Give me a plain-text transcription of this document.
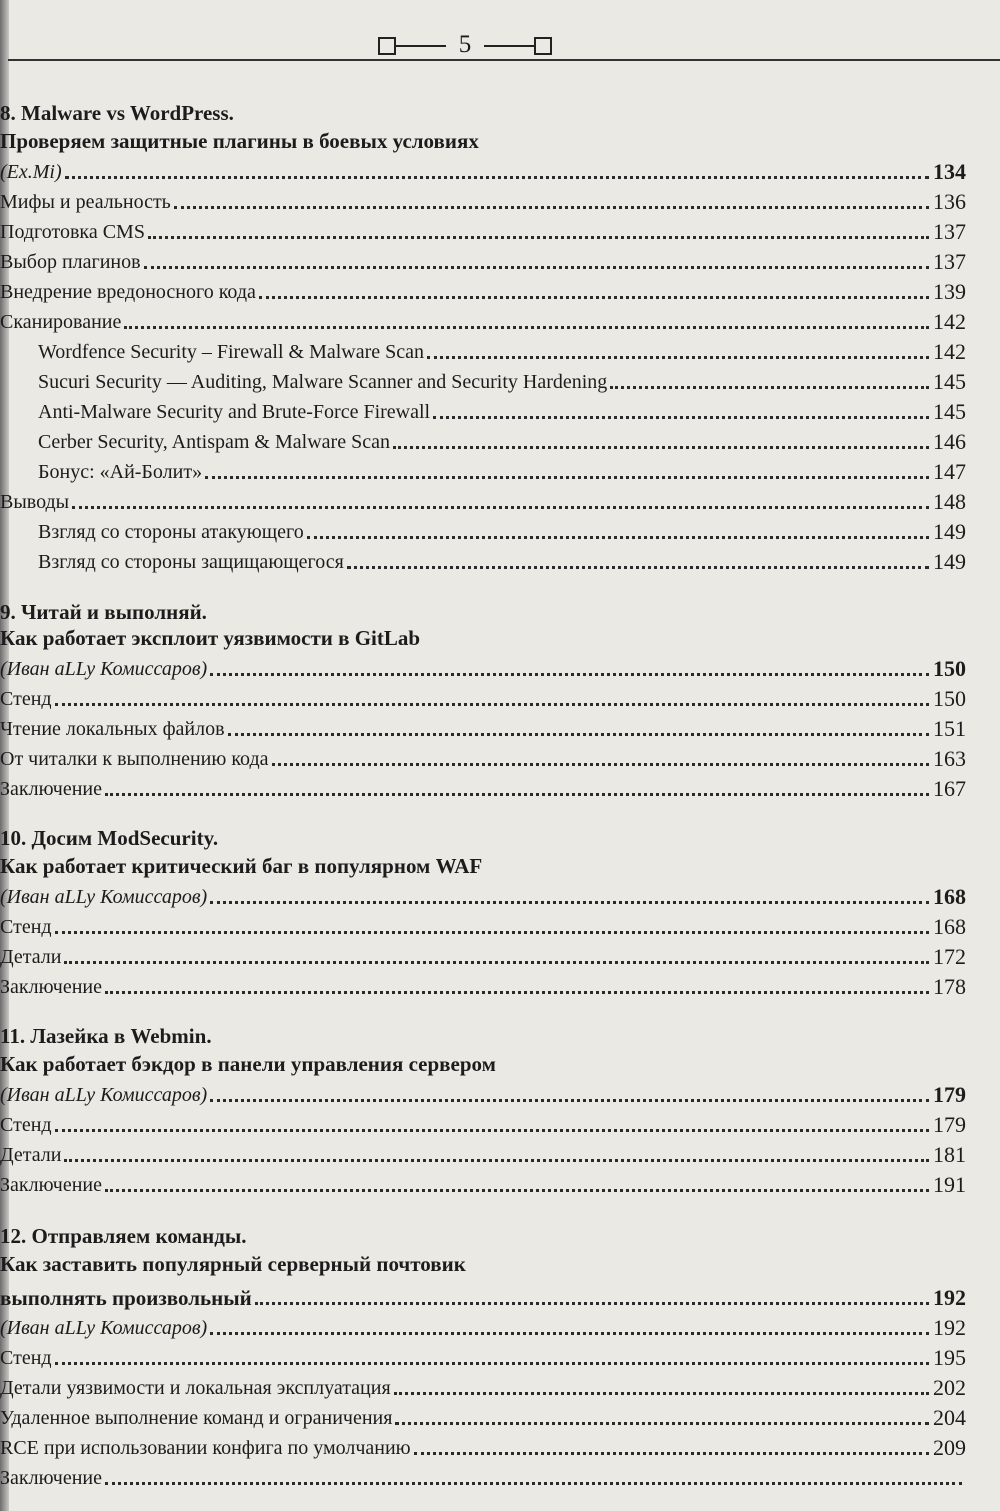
5
8. Malware vs WordPress.
Проверяем защитные плагины в боевых условиях
(Ex.Mi)	134
Мифы и реальность	136
Подготовка CMS	137
Выбор плагинов	137
Внедрение вредоносного кода	139
Сканирование	142
Wordfence Security – Firewall & Malware Scan	142
Sucuri Security — Auditing, Malware Scanner and Security Hardening	145
Anti-Malware Security and Brute-Force Firewall	145
Cerber Security, Antispam & Malware Scan	146
Бонус: «Ай-Болит»	147
Выводы	148
Взгляд со стороны атакующего	149
Взгляд со стороны защищающегося	149
9. Читай и выполняй.
Как работает эксплоит уязвимости в GitLab
(Иван aLLy Комиссаров)	150
Стенд	150
Чтение локальных файлов	151
От читалки к выполнению кода	163
Заключение	167
10. Досим ModSecurity.
Как работает критический баг в популярном WAF
(Иван aLLy Комиссаров)	168
Стенд	168
Детали	172
Заключение	178
11. Лазейка в Webmin.
Как работает бэкдор в панели управления сервером
(Иван aLLy Комиссаров)	179
Стенд	179
Детали	181
Заключение	191
12. Отправляем команды.
Как заставить популярный серверный почтовик
выполнять произвольный	192
(Иван aLLy Комиссаров)	192
Стенд	195
Детали уязвимости и локальная эксплуатация	202
Удаленное выполнение команд и ограничения	204
RCE при использовании конфига по умолчанию	209
Заключение
